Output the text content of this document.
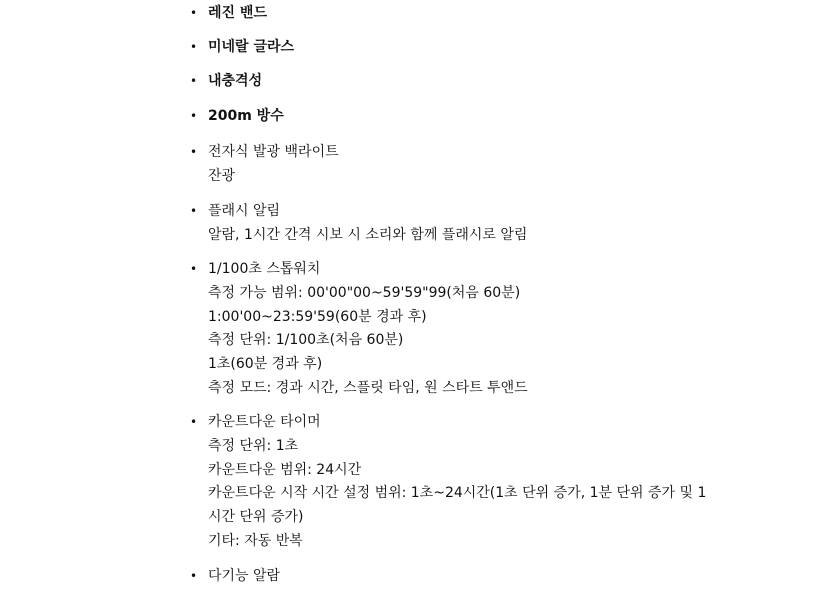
• 레진 밴드
• 미네랄 글라스
• 내충격성
• 200m 방수
• 전자식 발광 백라이트
잔광
• 플래시 알림
알람, 1시간 간격 시보 시 소리와 함께 플래시로 알림
• 1/100초 스톱워치
측정 가능 범위: 00'00"00~59'59"99(처음 60분)
1:00'00~23:59'59(60분 경과 후)
측정 단위: 1/100초(처음 60분)
1초(60분 경과 후)
측정 모드: 경과 시간, 스플릿 타임, 원 스타트 투앤드
• 카운트다운 타이머
측정 단위: 1초
카운트다운 범위: 24시간
카운트다운 시작 시간 설정 범위: 1초~24시간(1초 단위 증가, 1분 단위 증가 및 1
시간 단위 증가)
기타: 자동 반복
• 다기능 알람
